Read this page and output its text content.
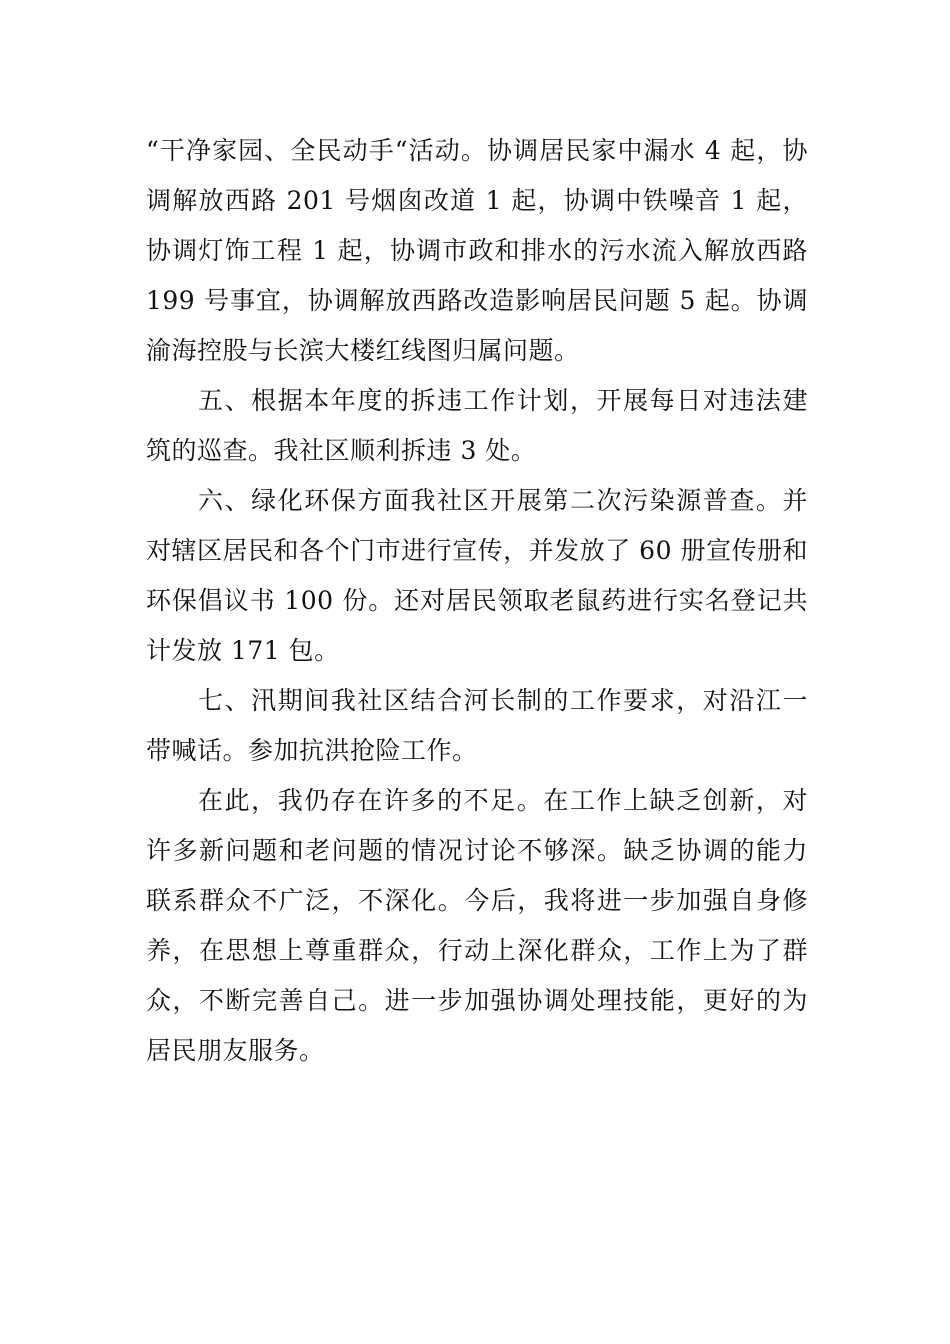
“干净家园、全民动手“活动。协调居民家中漏水 4 起，协调解放西路 201 号烟囱改道 1 起，协调中铁噪音 1 起，协调灯饰工程 1 起，协调市政和排水的污水流入解放西路 199 号事宜，协调解放西路改造影响居民问题 5 起。协调渝海控股与长滨大楼红线图归属问题。

五、根据本年度的拆违工作计划，开展每日对违法建筑的巡查。我社区顺利拆违 3 处。

六、绿化环保方面我社区开展第二次污染源普查。并对辖区居民和各个门市进行宣传，并发放了 60 册宣传册和环保倡议书 100 份。还对居民领取老鼠药进行实名登记共计发放 171 包。

七、汛期间我社区结合河长制的工作要求，对沿江一带喊话。参加抗洪抢险工作。

在此，我仍存在许多的不足。在工作上缺乏创新，对许多新问题和老问题的情况讨论不够深。缺乏协调的能力联系群众不广泛，不深化。今后，我将进一步加强自身修养，在思想上尊重群众，行动上深化群众，工作上为了群众，不断完善自己。进一步加强协调处理技能，更好的为居民朋友服务。
